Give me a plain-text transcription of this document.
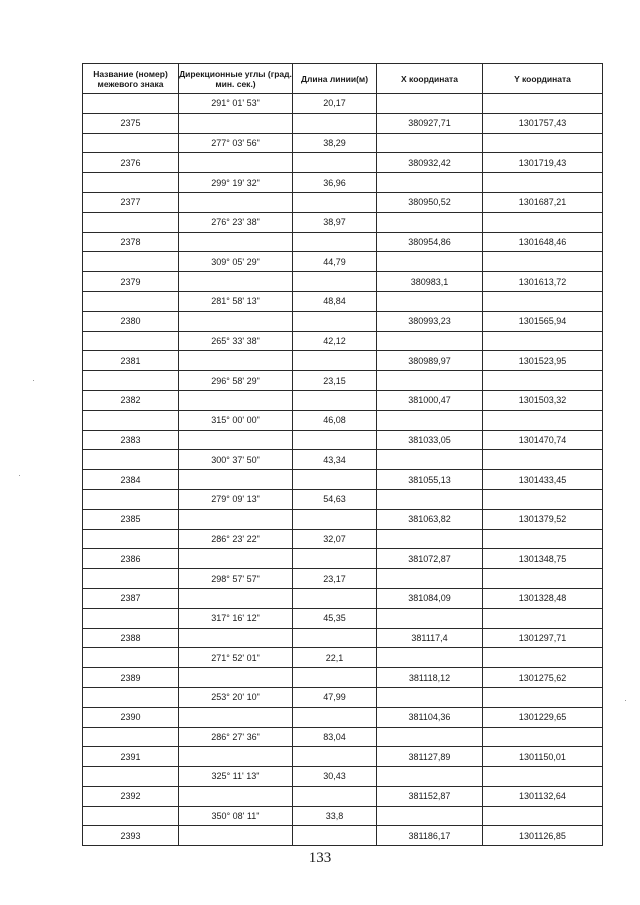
Название (номер) межевого знака	Дирекционные углы (град. мин. сек.)	Длина линии(м)	X координата	Y координата
	291° 01' 53"	20,17		
2375			380927,71	1301757,43
	277° 03' 56"	38,29		
2376			380932,42	1301719,43
	299° 19' 32"	36,96		
2377			380950,52	1301687,21
	276° 23' 38"	38,97		
2378			380954,86	1301648,46
	309° 05' 29"	44,79		
2379			380983,1	1301613,72
	281° 58' 13"	48,84		
2380			380993,23	1301565,94
	265° 33' 38"	42,12		
2381			380989,97	1301523,95
	296° 58' 29"	23,15		
2382			381000,47	1301503,32
	315° 00' 00"	46,08		
2383			381033,05	1301470,74
	300° 37' 50"	43,34		
2384			381055,13	1301433,45
	279° 09' 13"	54,63		
2385			381063,82	1301379,52
	286° 23' 22"	32,07		
2386			381072,87	1301348,75
	298° 57' 57"	23,17		
2387			381084,09	1301328,48
	317° 16' 12"	45,35		
2388			381117,4	1301297,71
	271° 52' 01"	22,1		
2389			381118,12	1301275,62
	253° 20' 10"	47,99		
2390			381104,36	1301229,65
	286° 27' 36"	83,04		
2391			381127,89	1301150,01
	325° 11' 13"	30,43		
2392			381152,87	1301132,64
	350° 08' 11"	33,8		
2393			381186,17	1301126,85
133
